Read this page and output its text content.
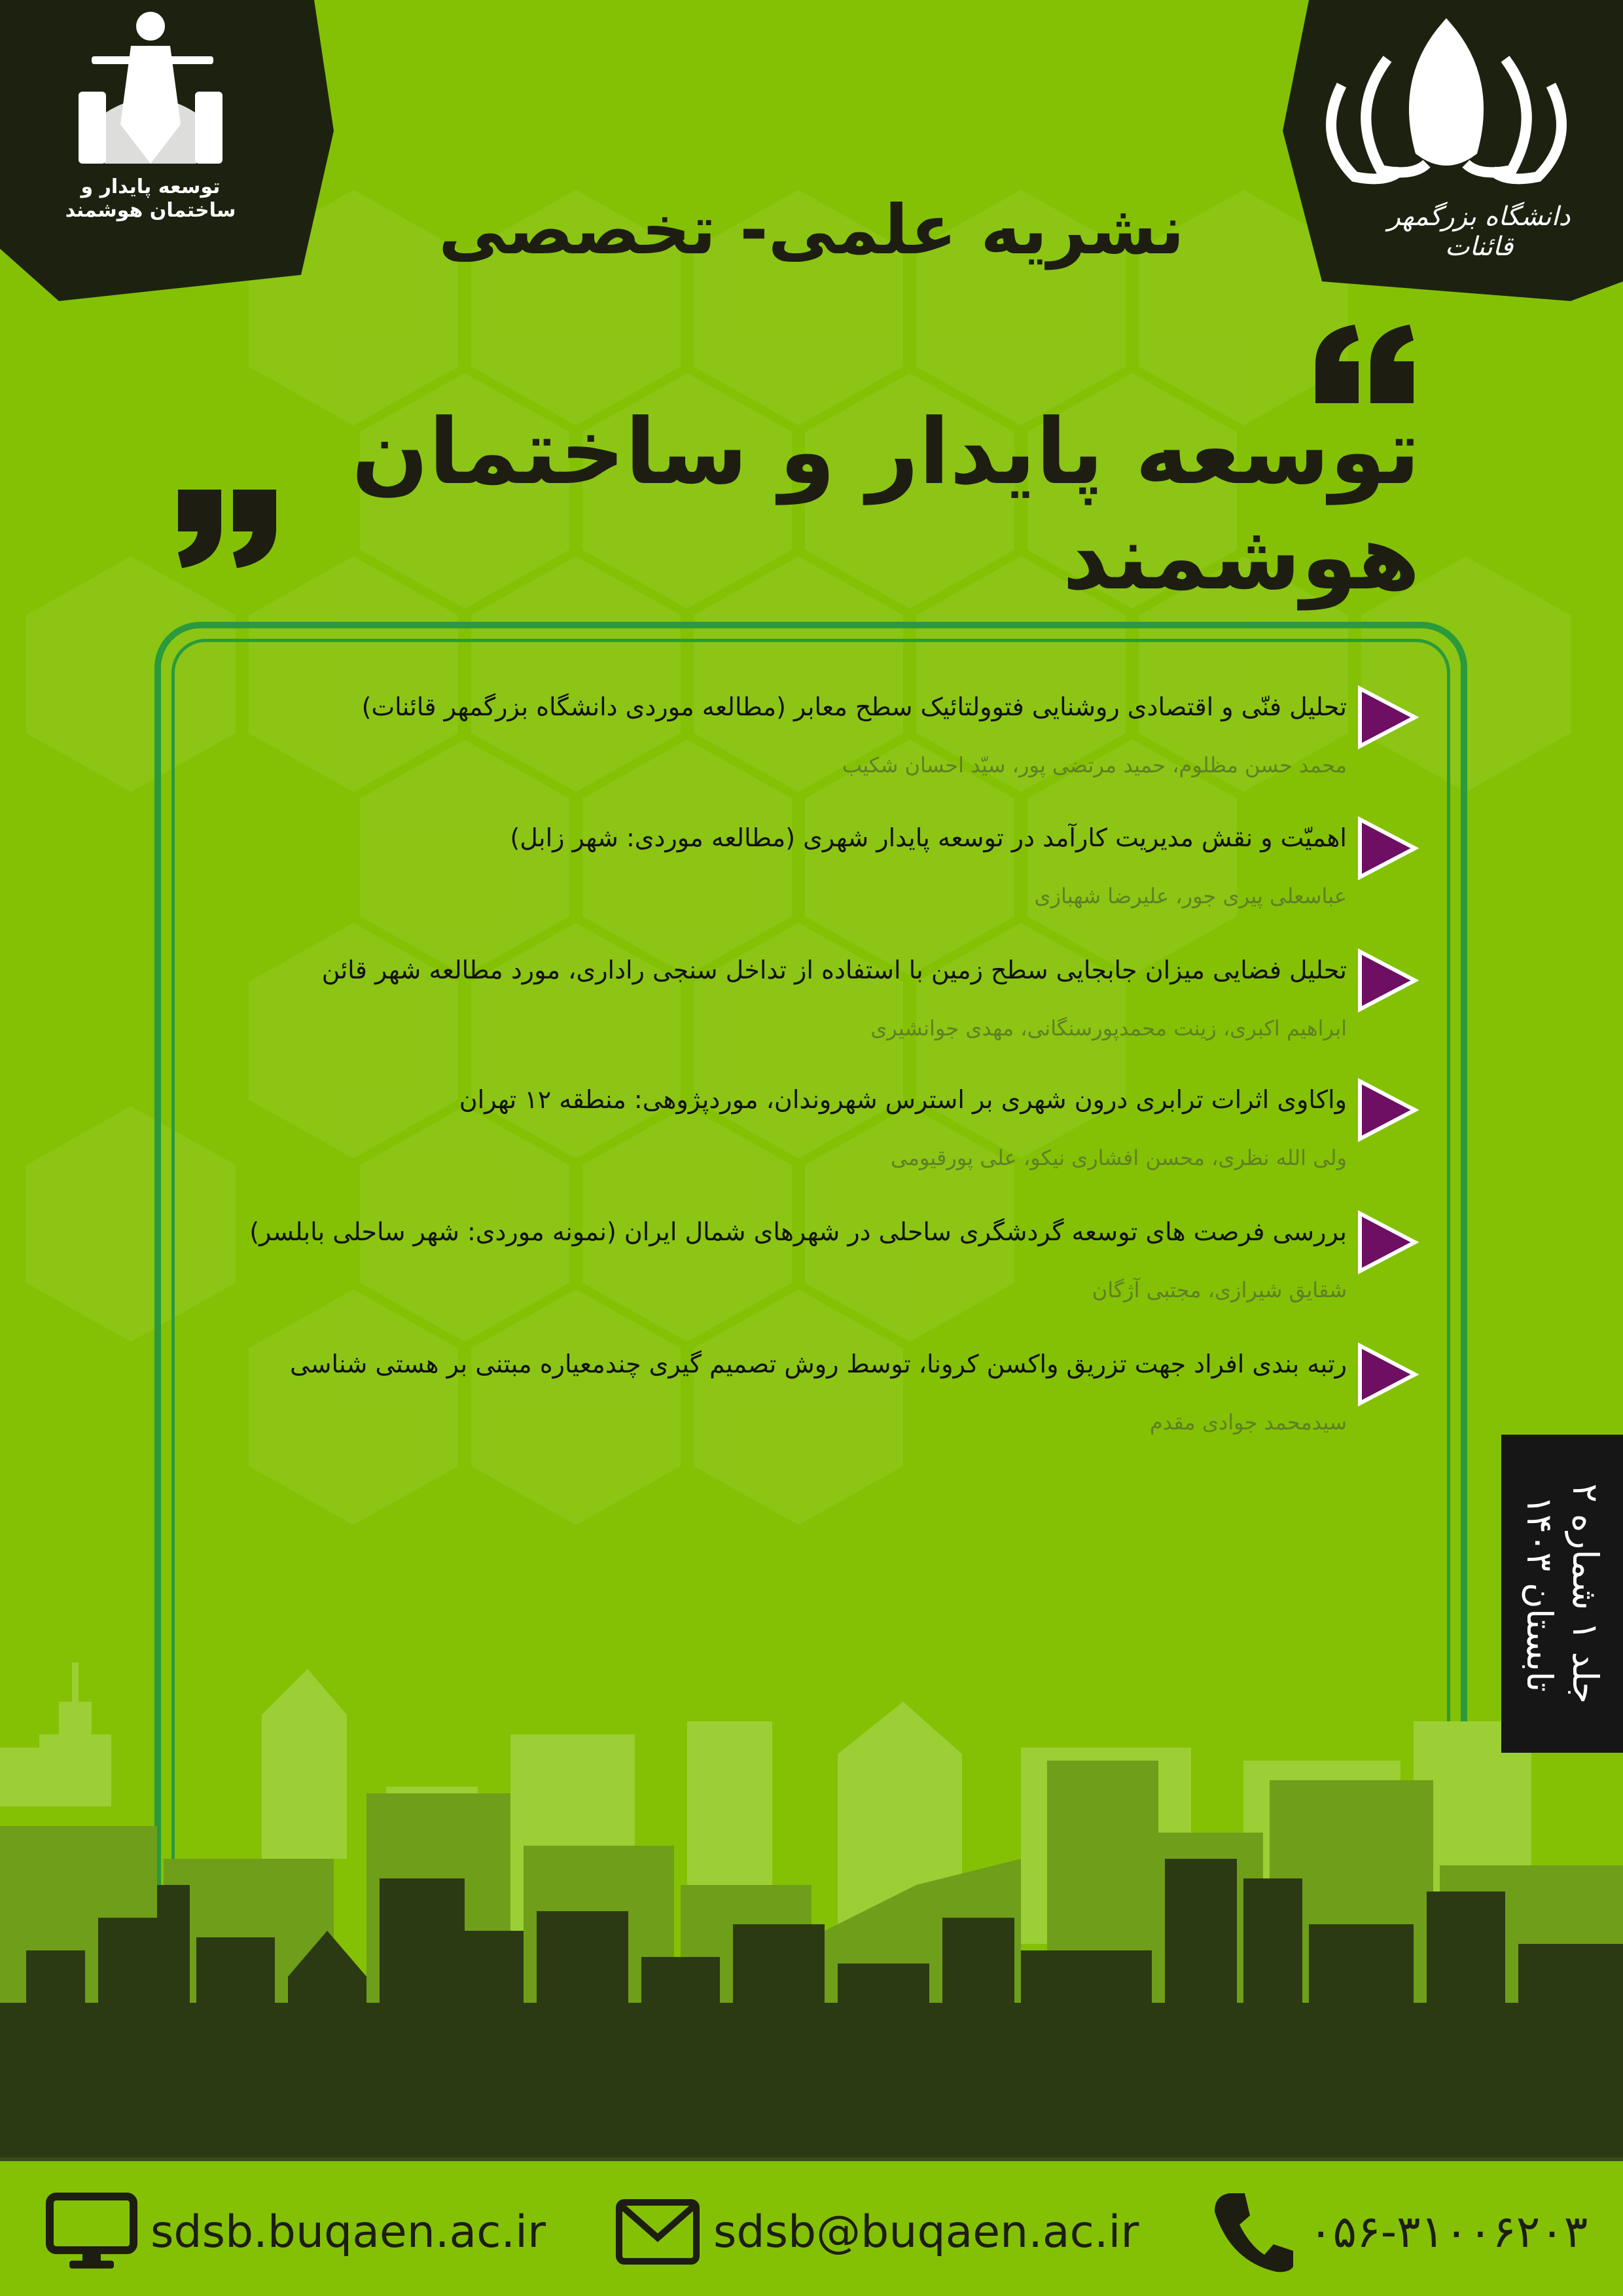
توسعه پایدار و ساختمان هوشمند	دانشگاه بزرگمهر قائنات
نشریه علمی- تخصصی
توسعه پایدار و ساختمان هوشمند
تحلیل فنّی و اقتصادی روشنایی فتوولتائیک سطح معابر (مطالعه موردی دانشگاه بزرگمهر قائنات)
محمد حسن مظلوم، حمید مرتضی پور، سیّد احسان شکیب
اهمیّت و نقش مدیریت کارآمد در توسعه پایدار شهری (مطالعه موردی: شهر زابل)
عباسعلی پیری جور، علیرضا شهبازی
تحلیل فضایی میزان جابجایی سطح زمین با استفاده از تداخل سنجی راداری، مورد مطالعه شهر قائن
ابراهیم اکبری، زینت محمدپورسنگانی، مهدی جوانشیری
واکاوی اثرات ترابری درون شهری بر استرس شهروندان، موردپژوهی: منطقه ۱۲ تهران
ولی الله نظری، محسن افشاری نیکو، علی پورقیومی
بررسی فرصت های توسعه گردشگری ساحلی در شهرهای شمال ایران (نمونه موردی: شهر ساحلی بابلسر)
شقایق شیرازی، مجتبی آژگان
رتبه بندی افراد جهت تزریق واکسن کرونا، توسط روش تصمیم گیری چندمعیاره مبتنی بر هستی شناسی
سیدمحمد جوادی مقدم
جلد ۱ شماره ۲
تابستان ۱۴۰۳
sdsb.buqaen.ac.ir	sdsb@buqaen.ac.ir	۰۵۶-۳۱۰۰۶۲۰۳
